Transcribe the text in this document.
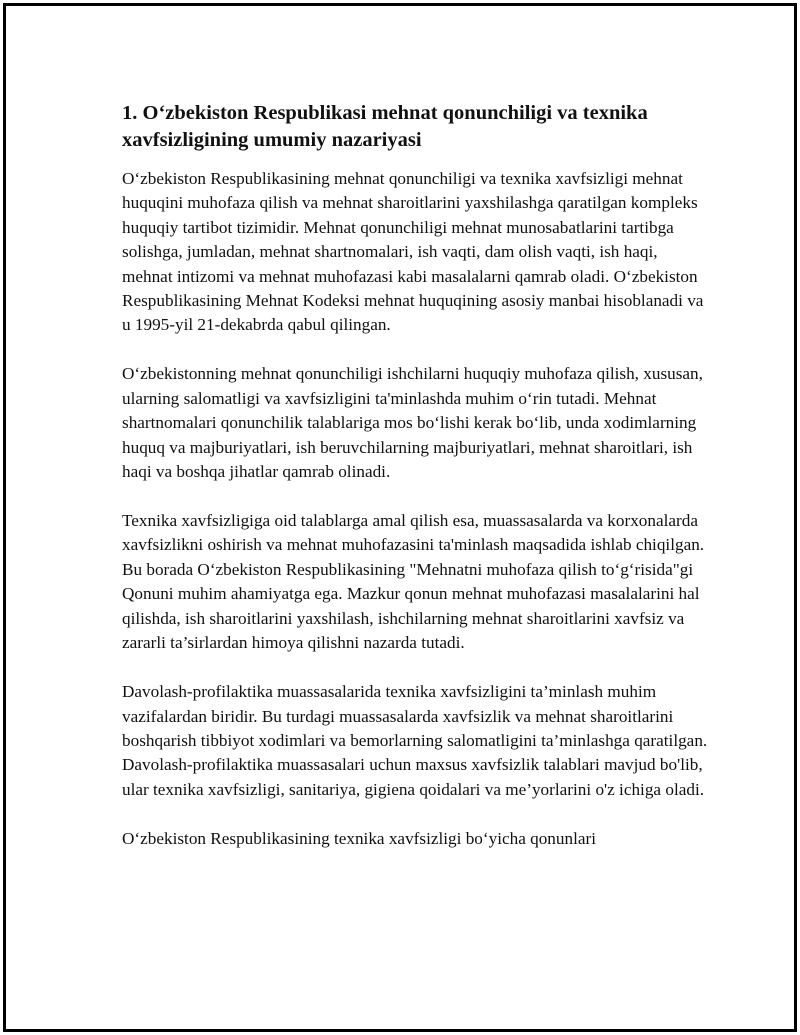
1. O‘zbekiston Respublikasi mehnat qonunchiligi va texnika xavfsizligining umumiy nazariyasi

O‘zbekiston Respublikasining mehnat qonunchiligi va texnika xavfsizligi mehnat huquqini muhofaza qilish va mehnat sharoitlarini yaxshilashga qaratilgan kompleks huquqiy tartibot tizimidir. Mehnat qonunchiligi mehnat munosabatlarini tartibga solishga, jumladan, mehnat shartnomalari, ish vaqti, dam olish vaqti, ish haqi, mehnat intizomi va mehnat muhofazasi kabi masalalarni qamrab oladi. O‘zbekiston Respublikasining Mehnat Kodeksi mehnat huquqining asosiy manbai hisoblanadi va u 1995-yil 21-dekabrda qabul qilingan.

O‘zbekistonning mehnat qonunchiligi ishchilarni huquqiy muhofaza qilish, xususan, ularning salomatligi va xavfsizligini ta'minlashda muhim o‘rin tutadi. Mehnat shartnomalari qonunchilik talablariga mos bo‘lishi kerak bo‘lib, unda xodimlarning huquq va majburiyatlari, ish beruvchilarning majburiyatlari, mehnat sharoitlari, ish haqi va boshqa jihatlar qamrab olinadi.

Texnika xavfsizligiga oid talablarga amal qilish esa, muassasalarda va korxonalarda xavfsizlikni oshirish va mehnat muhofazasini ta'minlash maqsadida ishlab chiqilgan. Bu borada O‘zbekiston Respublikasining "Mehnatni muhofaza qilish to‘g‘risida"gi Qonuni muhim ahamiyatga ega. Mazkur qonun mehnat muhofazasi masalalarini hal qilishda, ish sharoitlarini yaxshilash, ishchilarning mehnat sharoitlarini xavfsiz va zararli ta’sirlardan himoya qilishni nazarda tutadi.

Davolash-profilaktika muassasalarida texnika xavfsizligini ta’minlash muhim vazifalardan biridir. Bu turdagi muassasalarda xavfsizlik va mehnat sharoitlarini boshqarish tibbiyot xodimlari va bemorlarning salomatligini ta’minlashga qaratilgan. Davolash-profilaktika muassasalari uchun maxsus xavfsizlik talablari mavjud bo'lib, ular texnika xavfsizligi, sanitariya, gigiena qoidalari va me’yorlarini o'z ichiga oladi.

O‘zbekiston Respublikasining texnika xavfsizligi bo‘yicha qonunlari
